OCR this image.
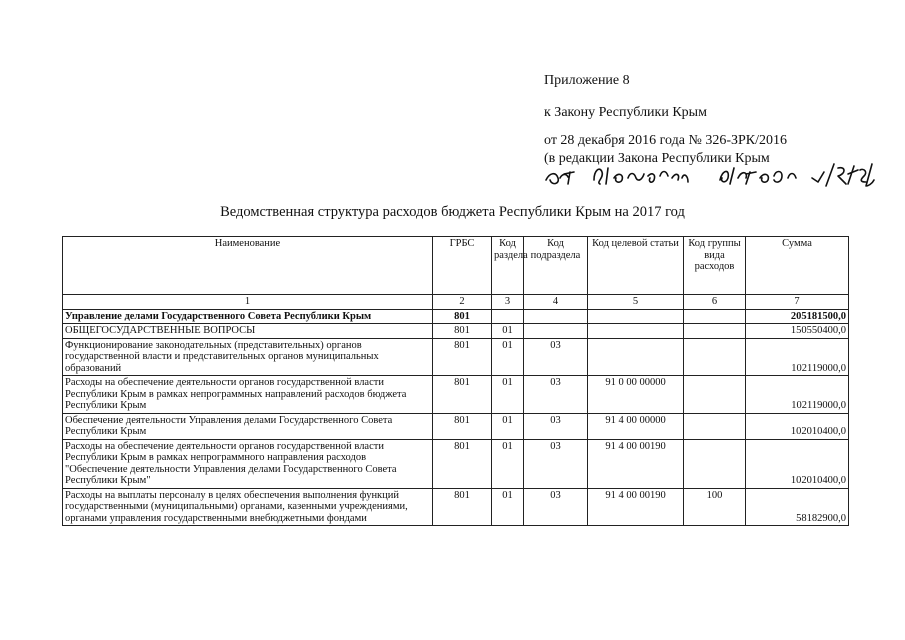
Приложение 8
к Закону Республики Крым
от 28 декабря 2016 года № 326-ЗРК/2016
(в редакции Закона Республики Крым
Ведомственная структура расходов бюджета Республики Крым на 2017 год
Наименование	ГРБС	Код раздела	Код подраздела	Код целевой статьи	Код группы вида расходов	Сумма
1	2	3	4	5	6	7
Управление делами Государственного Совета Республики Крым	801					205181500,0
ОБЩЕГОСУДАРСТВЕННЫЕ ВОПРОСЫ	801	01				150550400,0
Функционирование законодательных (представительных) органов государственной власти и представительных органов муниципальных образований	801	01	03			102119000,0
Расходы на обеспечение деятельности органов государственной власти Республики Крым в рамках непрограммных направлений расходов бюджета Республики Крым	801	01	03	91 0 00 00000		102119000,0
Обеспечение деятельности Управления делами Государственного Совета Республики Крым	801	01	03	91 4 00 00000		102010400,0
Расходы на обеспечение деятельности органов государственной власти Республики Крым в рамках непрограммного направления расходов "Обеспечение деятельности Управления делами Государственного Совета Республики Крым"	801	01	03	91 4 00 00190		102010400,0
Расходы на выплаты персоналу в целях обеспечения выполнения функций государственными (муниципальными) органами, казенными учреждениями, органами управления государственными внебюджетными фондами	801	01	03	91 4 00 00190	100	58182900,0
